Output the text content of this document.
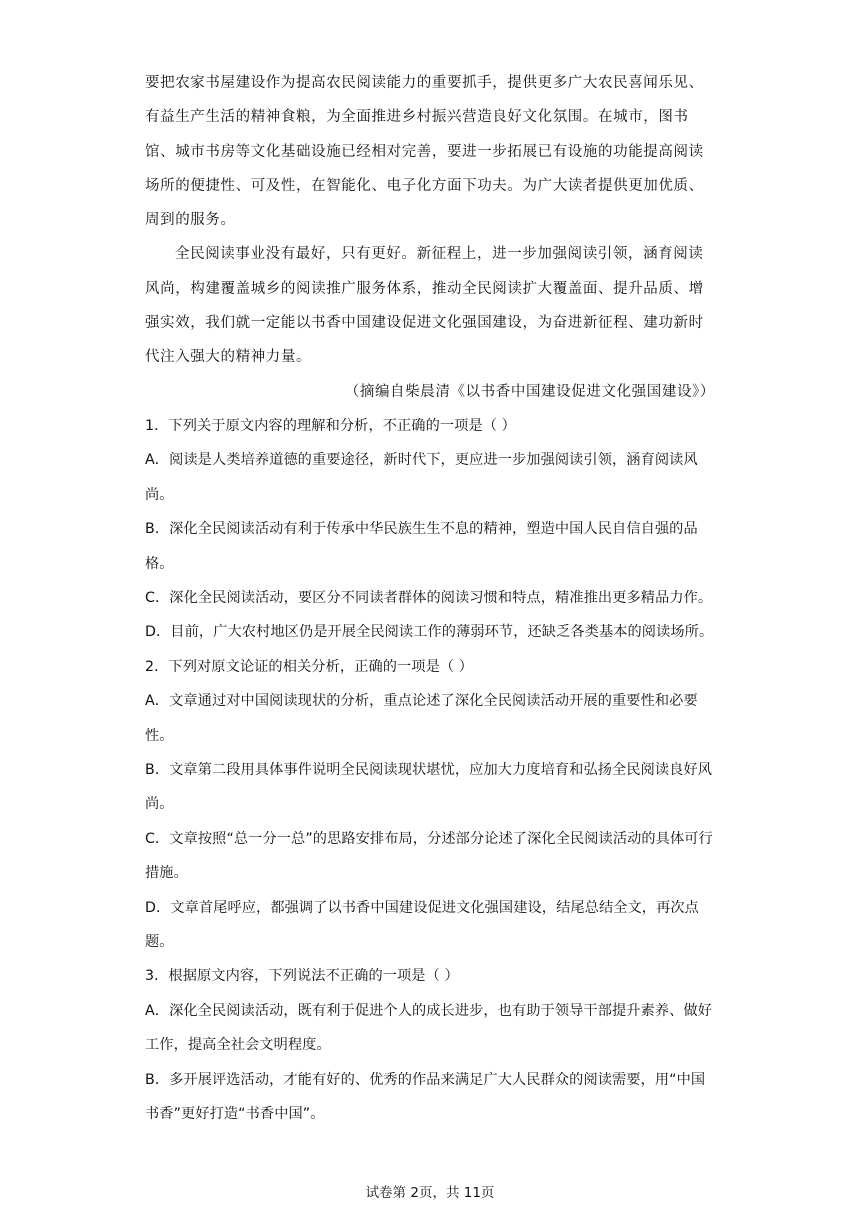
要把农家书屋建设作为提高农民阅读能力的重要抓手，提供更多广大农民喜闻乐见、有益生产生活的精神食粮，为全面推进乡村振兴营造良好文化氛围。在城市，图书馆、城市书房等文化基础设施已经相对完善，要进一步拓展已有设施的功能提高阅读场所的便捷性、可及性，在智能化、电子化方面下功夫。为广大读者提供更加优质、周到的服务。

全民阅读事业没有最好，只有更好。新征程上，进一步加强阅读引领，涵育阅读风尚，构建覆盖城乡的阅读推广服务体系，推动全民阅读扩大覆盖面、提升品质、增强实效，我们就一定能以书香中国建设促进文化强国建设，为奋进新征程、建功新时代注入强大的精神力量。

（摘编自柴晨清《以书香中国建设促进文化强国建设》）

1．下列关于原文内容的理解和分析，不正确的一项是（ ）

A．阅读是人类培养道德的重要途径，新时代下，更应进一步加强阅读引领，涵育阅读风尚。

B．深化全民阅读活动有利于传承中华民族生生不息的精神，塑造中国人民自信自强的品格。

C．深化全民阅读活动，要区分不同读者群体的阅读习惯和特点，精准推出更多精品力作。

D．目前，广大农村地区仍是开展全民阅读工作的薄弱环节，还缺乏各类基本的阅读场所。

2．下列对原文论证的相关分析，正确的一项是（ ）

A．文章通过对中国阅读现状的分析，重点论述了深化全民阅读活动开展的重要性和必要性。

B．文章第二段用具体事件说明全民阅读现状堪忧，应加大力度培育和弘扬全民阅读良好风尚。

C．文章按照“总一分一总”的思路安排布局，分述部分论述了深化全民阅读活动的具体可行措施。

D．文章首尾呼应，都强调了以书香中国建设促进文化强国建设，结尾总结全文，再次点题。

3．根据原文内容，下列说法不正确的一项是（ ）

A．深化全民阅读活动，既有利于促进个人的成长进步，也有助于领导干部提升素养、做好工作，提高全社会文明程度。

B．多开展评选活动，才能有好的、优秀的作品来满足广大人民群众的阅读需要，用“中国书香”更好打造“书香中国”。

试卷第 2页，共 11页
